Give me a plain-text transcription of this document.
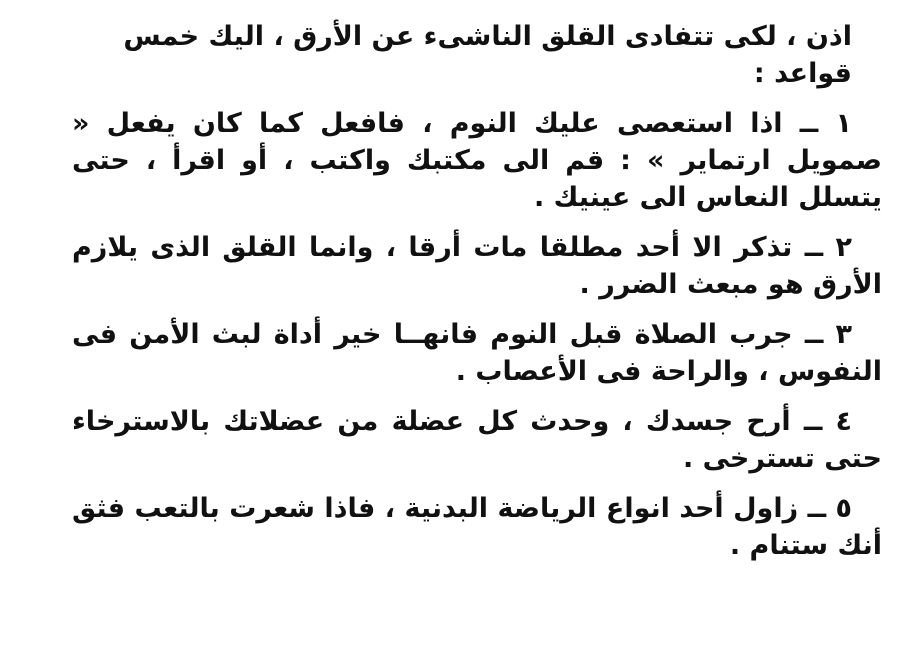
اذن ، لكى تتفادى القلق الناشىء عن الأرق ، اليك خمس قواعد :

١ ــ اذا استعصى عليك النوم ، فافعل كما كان يفعل « صمويل ارتماير » : قم الى مكتبك واكتب ، أو اقرأ ، حتى يتسلل النعاس الى عينيك .

٢ ــ تذكر الا أحد مطلقا مات أرقا ، وانما القلق الذى يلازم الأرق هو مبعث الضرر .

٣ ــ جرب الصلاة قبل النوم فانهــا خير أداة لبث الأمن فى النفوس ، والراحة فى الأعصاب .

٤ ــ أرح جسدك ، وحدث كل عضلة من عضلاتك بالاسترخاء حتى تسترخى .

٥ ــ زاول أحد انواع الرياضة البدنية ، فاذا شعرت بالتعب فثق أنك ستنام .
